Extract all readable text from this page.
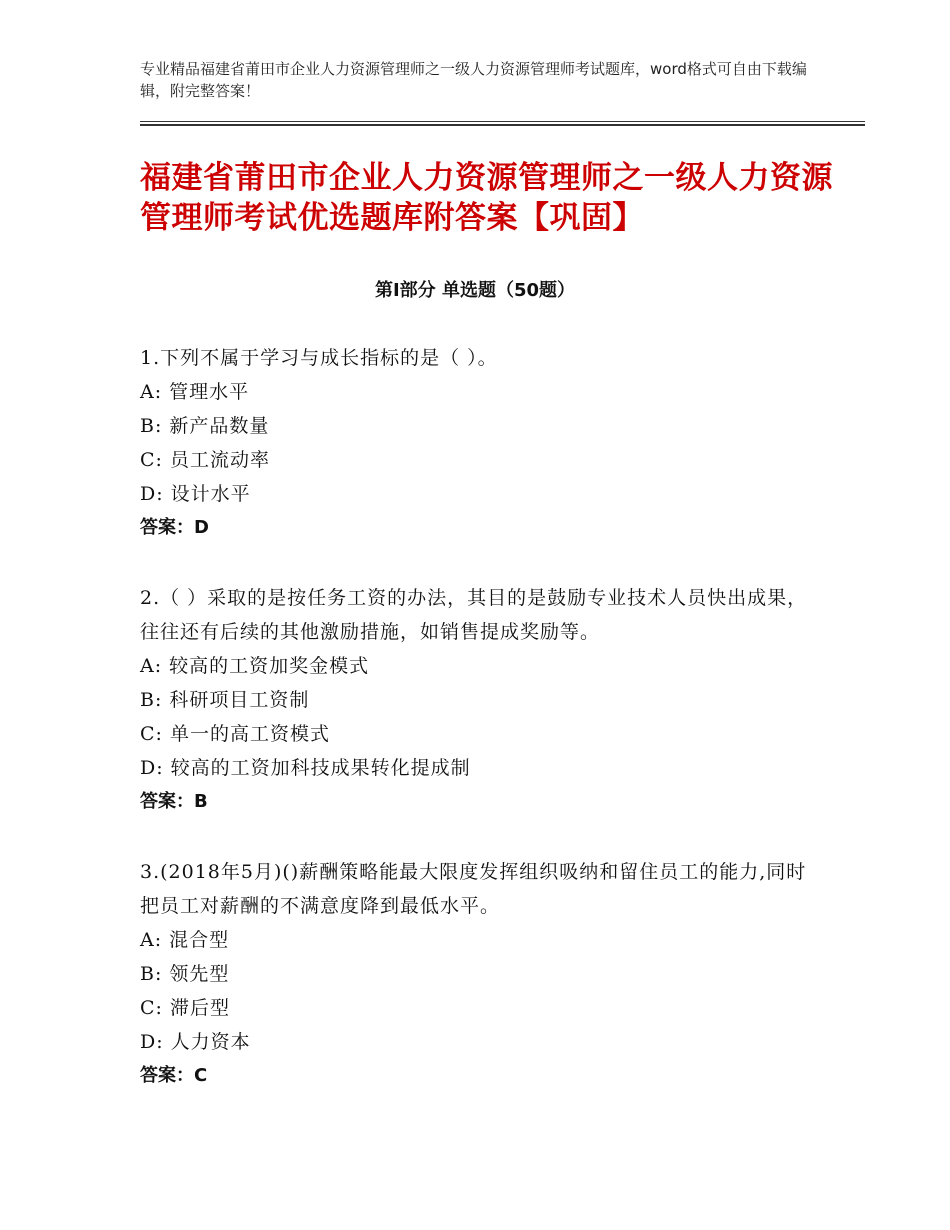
专业精品福建省莆田市企业人力资源管理师之一级人力资源管理师考试题库，word格式可自由下载编辑，附完整答案！
福建省莆田市企业人力资源管理师之一级人力资源管理师考试优选题库附答案【巩固】
第Ⅰ部分 单选题（50题）

1.下列不属于学习与成长指标的是（ ）。

A: 管理水平

B: 新产品数量

C: 员工流动率

D: 设计水平

答案：D

2.（ ）采取的是按任务工资的办法，其目的是鼓励专业技术人员快出成果，往往还有后续的其他激励措施，如销售提成奖励等。

A: 较高的工资加奖金模式

B: 科研项目工资制

C: 单一的高工资模式

D: 较高的工资加科技成果转化提成制

答案：B

3.(2018年5月)()薪酬策略能最大限度发挥组织吸纳和留住员工的能力,同时把员工对薪酬的不满意度降到最低水平。

A: 混合型

B: 领先型

C: 滞后型

D: 人力资本

答案：C
